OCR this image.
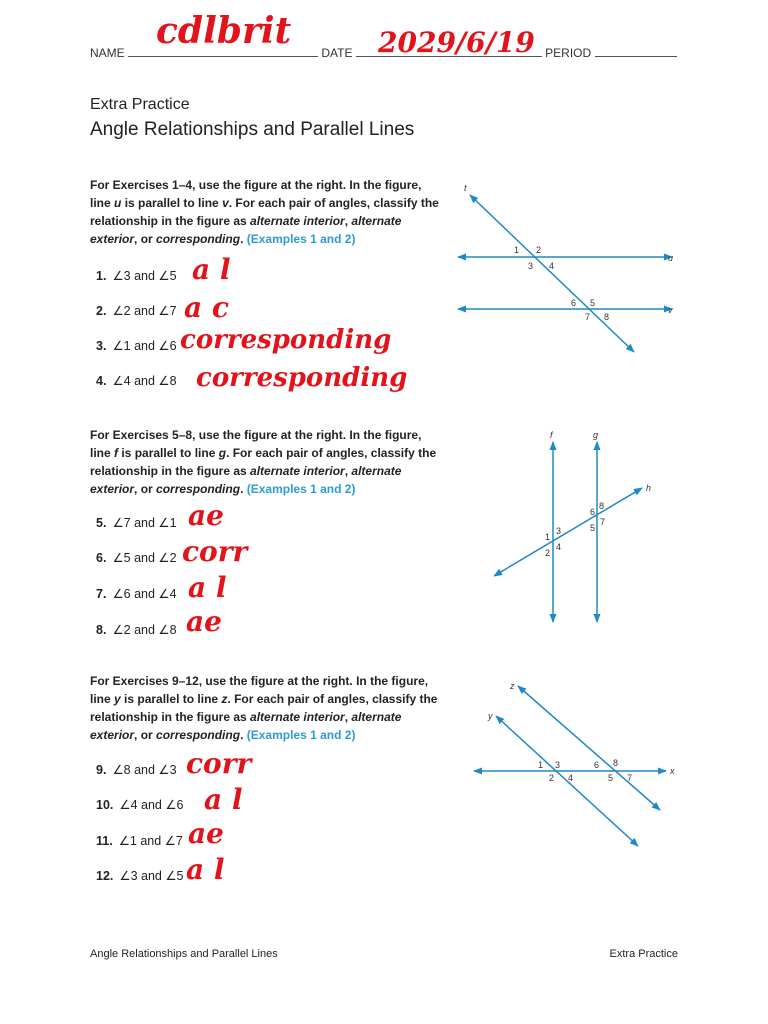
NAME	DATE	PERIOD
cdlbrit	2029/6/19
Extra Practice
Angle Relationships and Parallel Lines
For Exercises 1–4, use the figure at the right. In the figure, line u is parallel to line v. For each pair of angles, classify the relationship in the figure as alternate interior, alternate exterior, or corresponding. (Examples 1 and 2)
1. ∠3 and ∠5 a l
2. ∠2 and ∠7 a c
3. ∠1 and ∠6 corresponding
4. ∠4 and ∠8 corresponding
t
u
v
1 2
3 4
6 5
7 8
For Exercises 5–8, use the figure at the right. In the figure, line f is parallel to line g. For each pair of angles, classify the relationship in the figure as alternate interior, alternate exterior, or corresponding. (Examples 1 and 2)
5. ∠7 and ∠1 ae
6. ∠5 and ∠2 corr
7. ∠6 and ∠4 a l
8. ∠2 and ∠8 ae
f	g
h
6
8
5
7
1
3
2
4
For Exercises 9–12, use the figure at the right. In the figure, line y is parallel to line z. For each pair of angles, classify the relationship in the figure as alternate interior, alternate exterior, or corresponding. (Examples 1 and 2)
9. ∠8 and ∠3 corr
10. ∠4 and ∠6 a l
11. ∠1 and ∠7 ae
12. ∠3 and ∠5 a l
z
y
x
1 3
2 4
6 8
5 7
Angle Relationships and Parallel Lines	Extra Practice
